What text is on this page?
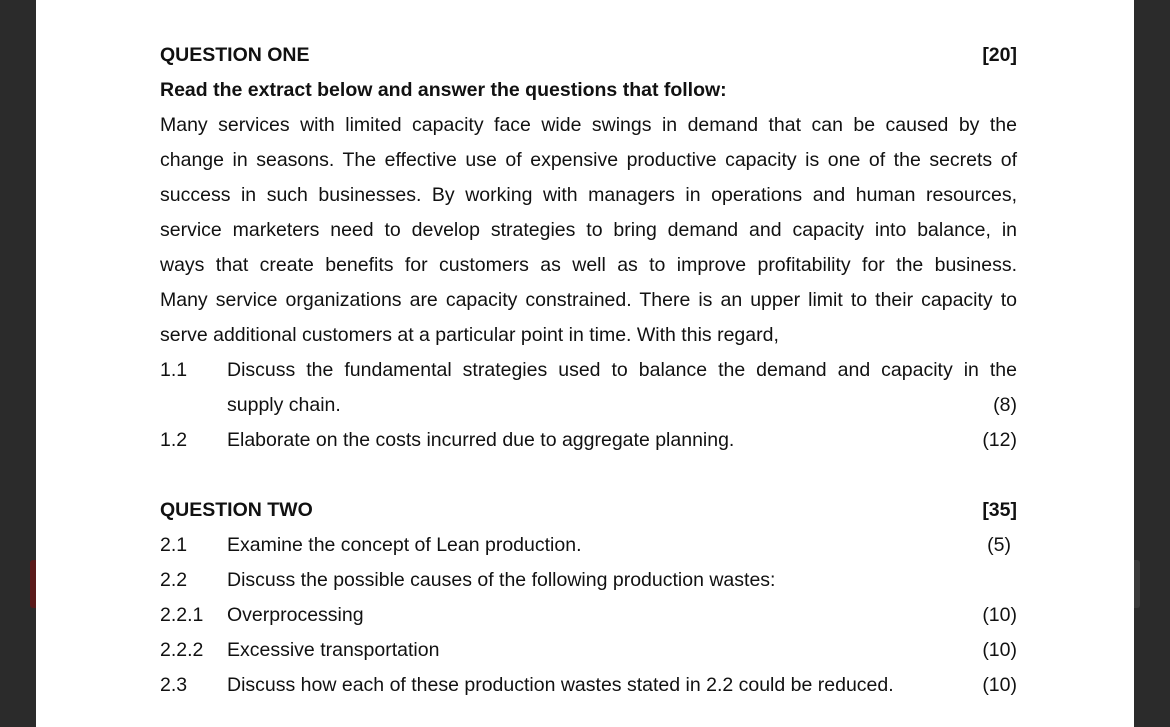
QUESTION ONE	[20]
Read the extract below and answer the questions that follow:
Many services with limited capacity face wide swings in demand that can be caused by the
change in seasons. The effective use of expensive productive capacity is one of the secrets of
success in such businesses. By working with managers in operations and human resources,
service marketers need to develop strategies to bring demand and capacity into balance, in
ways that create benefits for customers as well as to improve profitability for the business.
Many service organizations are capacity constrained. There is an upper limit to their capacity to
serve additional customers at a particular point in time. With this regard,
1.1 Discuss the fundamental strategies used to balance the demand and capacity in the
supply chain.	(8)
1.2 Elaborate on the costs incurred due to aggregate planning.	(12)
QUESTION TWO	[35]
2.1 Examine the concept of Lean production.	(5)
2.2 Discuss the possible causes of the following production wastes:
2.2.1 Overprocessing	(10)
2.2.2 Excessive transportation	(10)
2.3 Discuss how each of these production wastes stated in 2.2 could be reduced.	(10)
